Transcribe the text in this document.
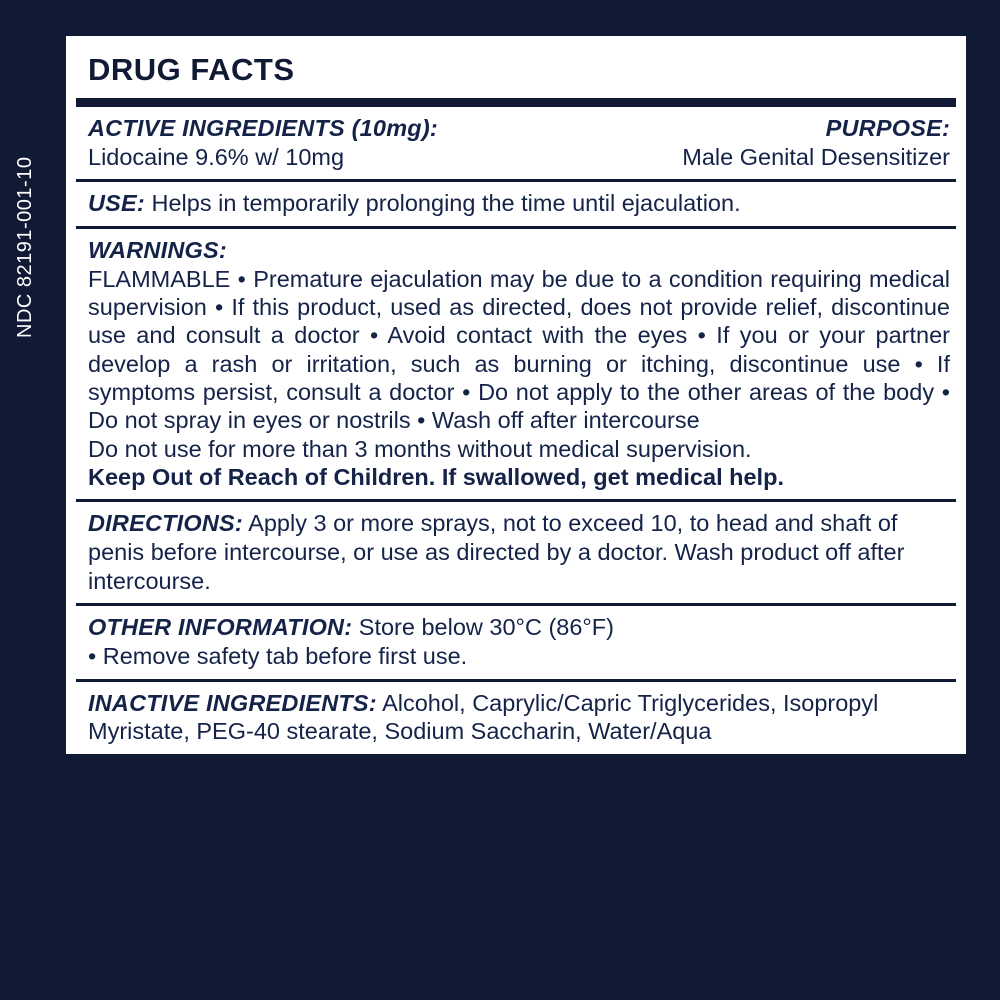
NDC 82191-001-10
DRUG FACTS
ACTIVE INGREDIENTS (10mg):	PURPOSE:
Lidocaine 9.6% w/ 10mg	Male Genital Desensitizer
USE: Helps in temporarily prolonging the time until ejaculation.
WARNINGS:
FLAMMABLE • Premature ejaculation may be due to a condition requiring medical supervision • If this product, used as directed, does not provide relief, discontinue use and consult a doctor • Avoid contact with the eyes • If you or your partner develop a rash or irritation, such as burning or itching, discontinue use • If symptoms persist, consult a doctor • Do not apply to the other areas of the body • Do not spray in eyes or nostrils • Wash off after intercourse
Do not use for more than 3 months without medical supervision.
Keep Out of Reach of Children. If swallowed, get medical help.
DIRECTIONS: Apply 3 or more sprays, not to exceed 10, to head and shaft of penis before intercourse, or use as directed by a doctor. Wash product off after intercourse.
OTHER INFORMATION: Store below 30°C (86°F)
• Remove safety tab before first use.
INACTIVE INGREDIENTS: Alcohol, Caprylic/Capric Triglycerides, Isopropyl Myristate, PEG-40 stearate, Sodium Saccharin, Water/Aqua
